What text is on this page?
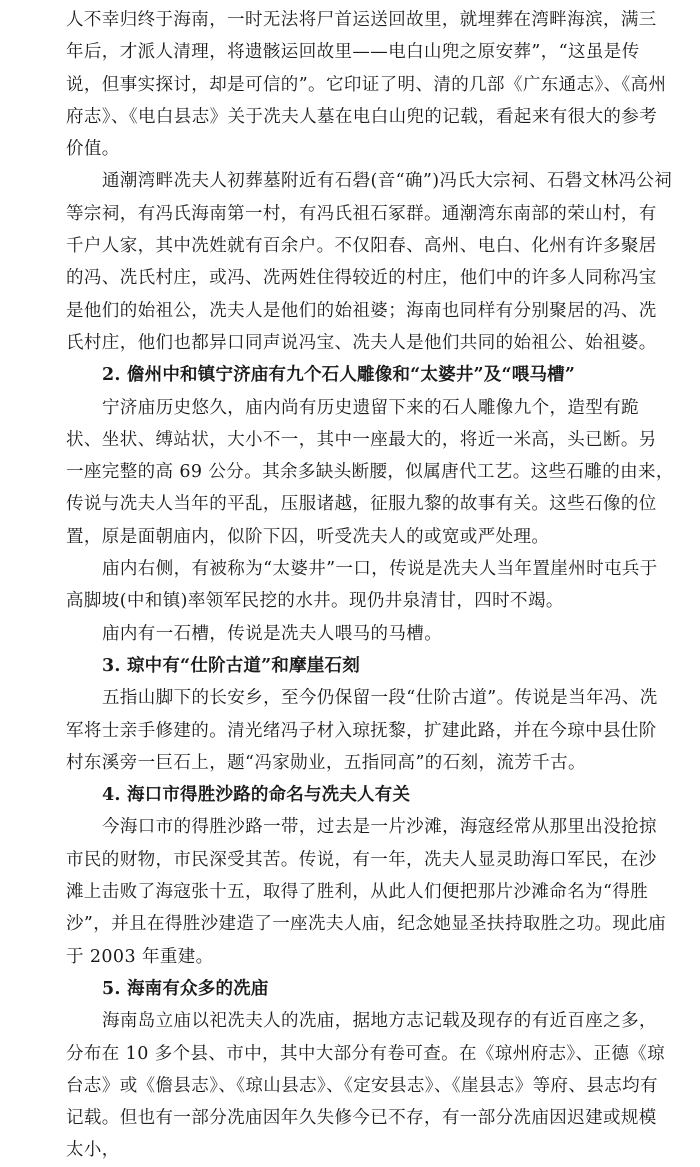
人不幸归终于海南，一时无法将尸首运送回故里，就埋葬在湾畔海滨，满三年后，才派人清理，将遗骸运回故里——电白山兜之原安葬”，“这虽是传说，但事实探讨，却是可信的”。它印证了明、清的几部《广东通志》、《高州府志》、《电白县志》关于冼夫人墓在电白山兜的记载，看起来有很大的参考价值。

通潮湾畔冼夫人初葬墓附近有石礐(音“确”)冯氏大宗祠、石礐文林冯公祠等宗祠，有冯氏海南第一村，有冯氏祖石冢群。通潮湾东南部的荣山村，有千户人家，其中冼姓就有百余户。不仅阳春、高州、电白、化州有许多聚居的冯、冼氏村庄，或冯、冼两姓住得较近的村庄，他们中的许多人同称冯宝是他们的始祖公，冼夫人是他们的始祖婆；海南也同样有分别聚居的冯、冼氏村庄，他们也都异口同声说冯宝、冼夫人是他们共同的始祖公、始祖婆。

2. 儋州中和镇宁济庙有九个石人雕像和“太婆井”及“喂马槽”

宁济庙历史悠久，庙内尚有历史遗留下来的石人雕像九个，造型有跪状、坐状、缚站状，大小不一，其中一座最大的，将近一米高，头已断。另一座完整的高 69 公分。其余多缺头断腰，似属唐代工艺。这些石雕的由来，传说与冼夫人当年的平乱，压服诸越，征服九黎的故事有关。这些石像的位置，原是面朝庙内，似阶下囚，听受冼夫人的或宽或严处理。

庙内右侧，有被称为“太婆井”一口，传说是冼夫人当年置崖州时屯兵于高脚坡(中和镇)率领军民挖的水井。现仍井泉清甘，四时不竭。

庙内有一石槽，传说是冼夫人喂马的马槽。

3. 琼中有“仕阶古道”和摩崖石刻

五指山脚下的长安乡，至今仍保留一段“仕阶古道”。传说是当年冯、冼军将士亲手修建的。清光绪冯子材入琼抚黎，扩建此路，并在今琼中县仕阶村东溪旁一巨石上，题“冯家勋业，五指同高”的石刻，流芳千古。

4. 海口市得胜沙路的命名与冼夫人有关

今海口市的得胜沙路一带，过去是一片沙滩，海寇经常从那里出没抢掠市民的财物，市民深受其苦。传说，有一年，冼夫人显灵助海口军民，在沙滩上击败了海寇张十五，取得了胜利，从此人们便把那片沙滩命名为“得胜沙”，并且在得胜沙建造了一座冼夫人庙，纪念她显圣扶持取胜之功。现此庙于 2003 年重建。

5. 海南有众多的冼庙

海南岛立庙以祀冼夫人的冼庙，据地方志记载及现存的有近百座之多，分布在 10 多个县、市中，其中大部分有卷可查。在《琼州府志》、正德《琼台志》或《儋县志》、《琼山县志》、《定安县志》、《崖县志》等府、县志均有记载。但也有一部分冼庙因年久失修今已不存，有一部分冼庙因迟建或规模太小，
